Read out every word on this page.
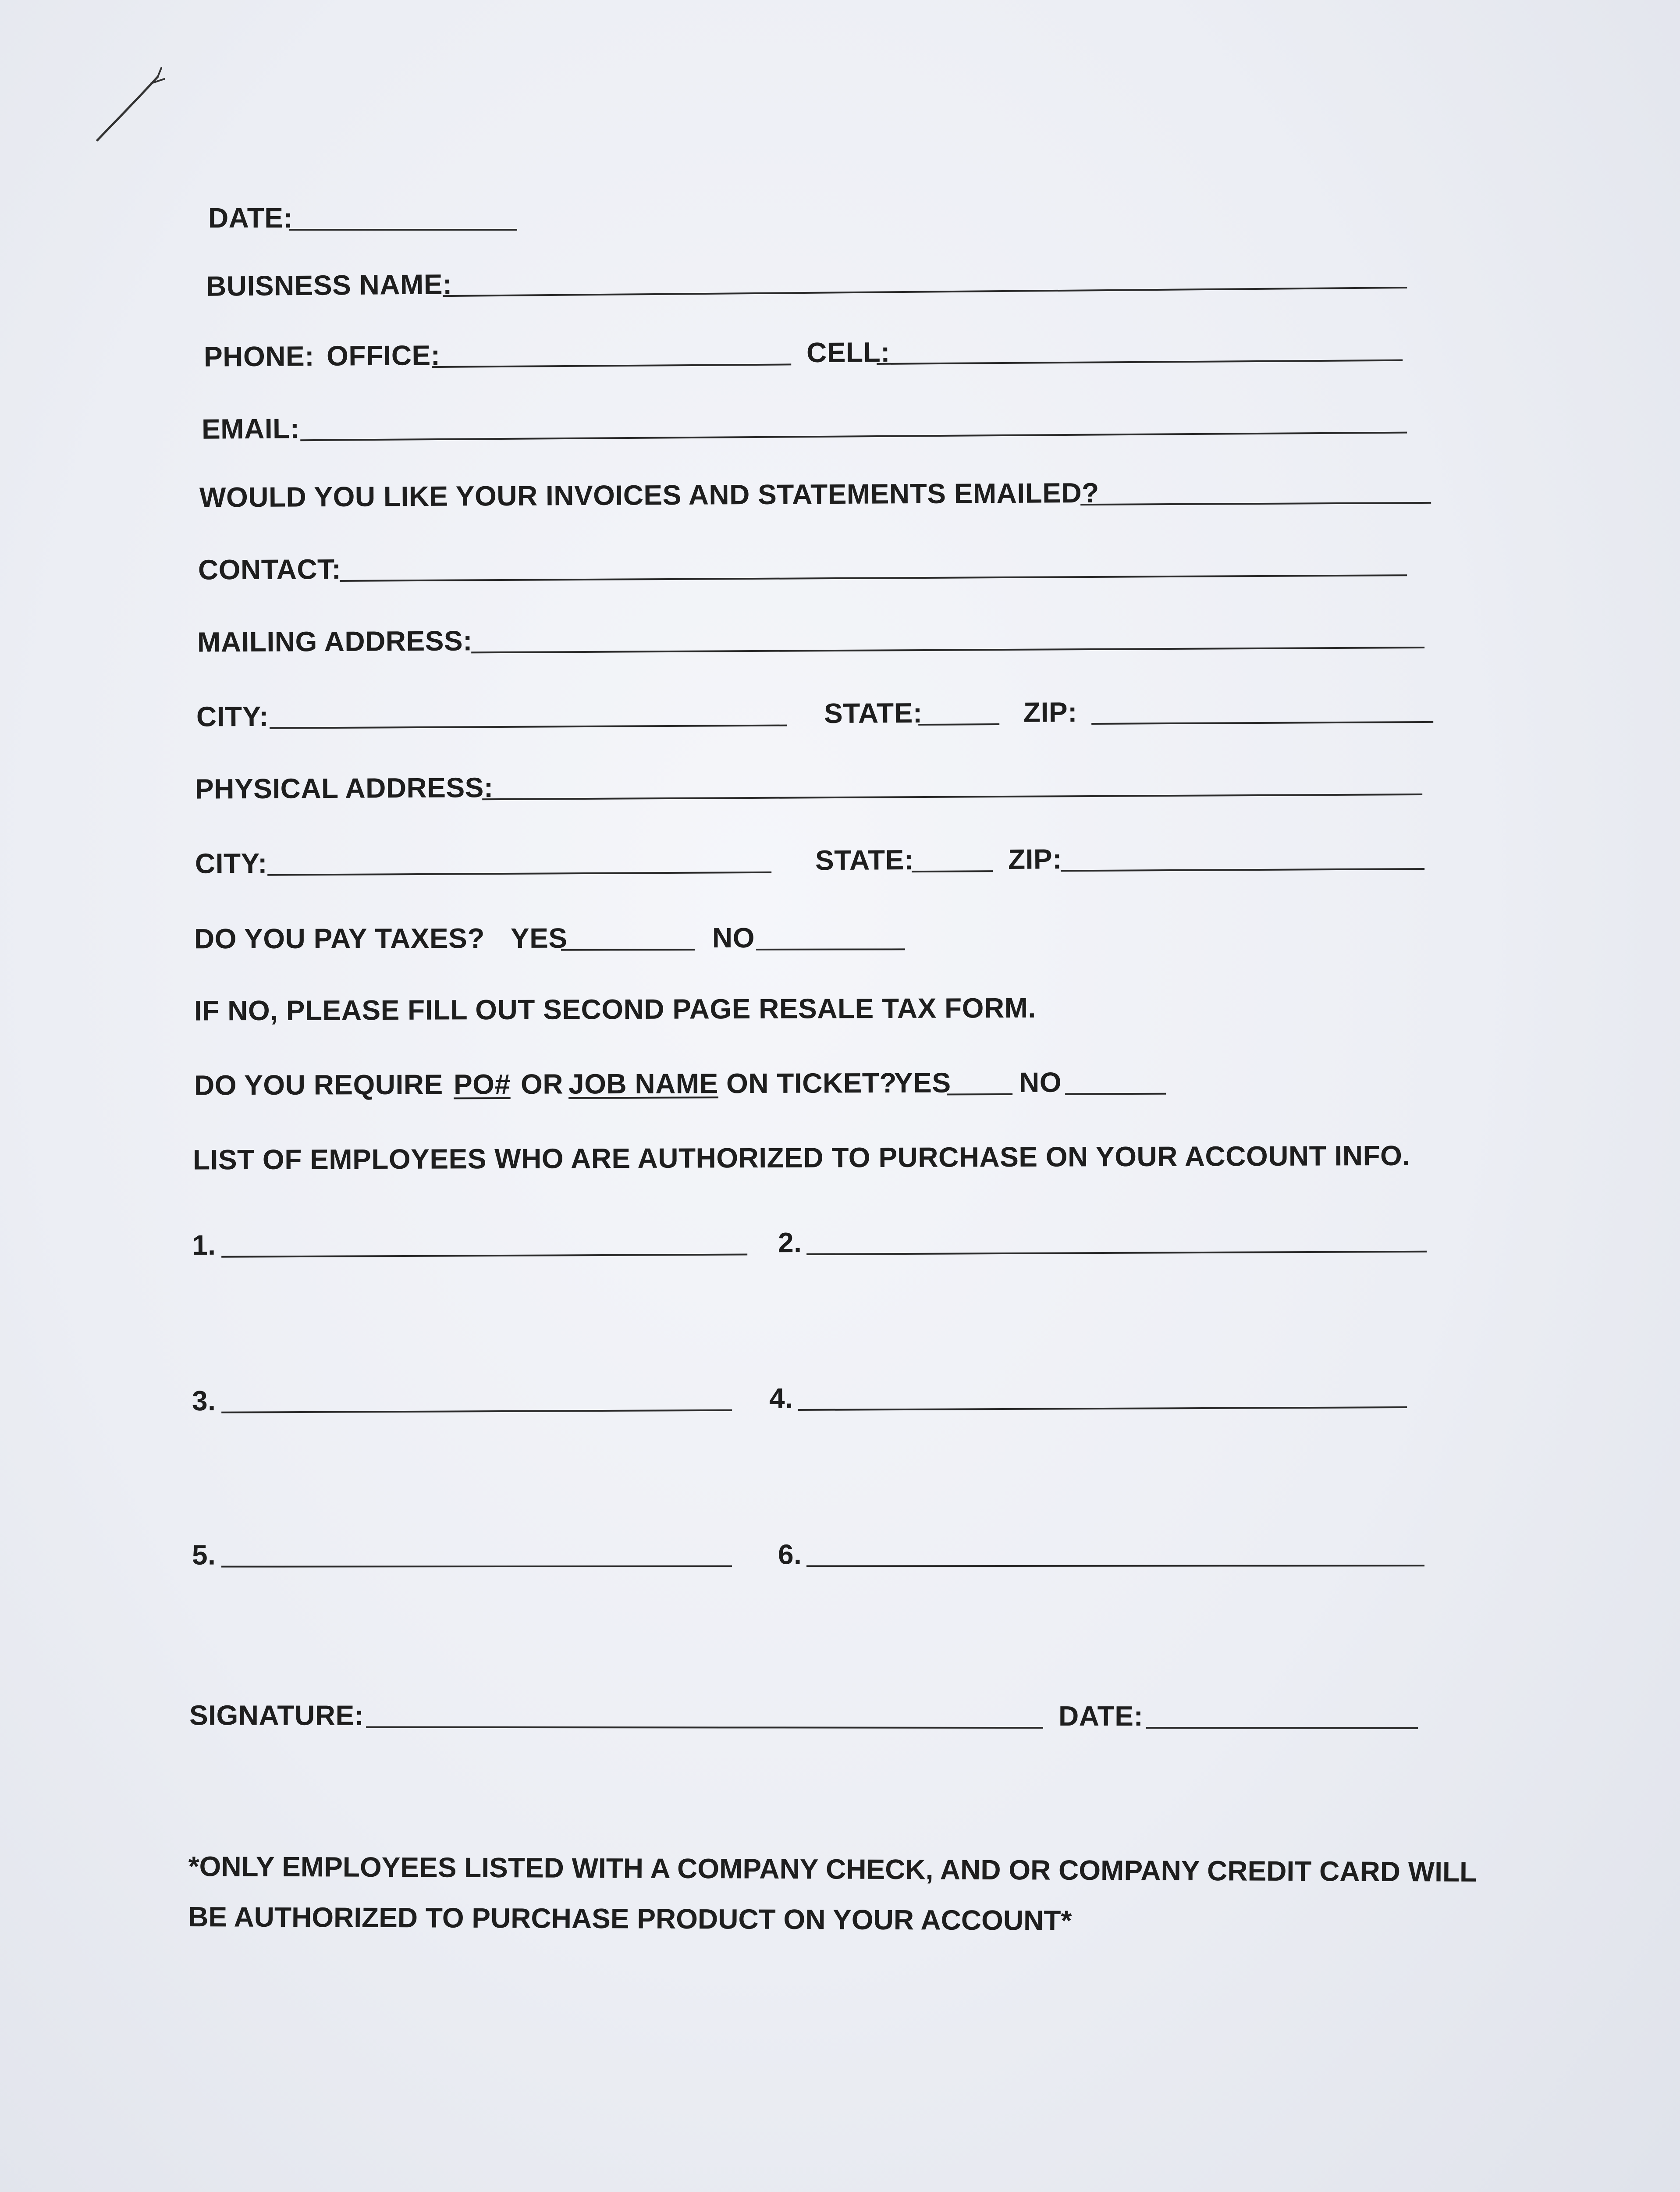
DATE:
BUISNESS NAME:
PHONE: OFFICE:	CELL:
EMAIL:
WOULD YOU LIKE YOUR INVOICES AND STATEMENTS EMAILED?
CONTACT:
MAILING ADDRESS:
CITY:	STATE:	ZIP:
PHYSICAL ADDRESS:
CITY:	STATE:	ZIP:
DO YOU PAY TAXES? YES	NO
IF NO, PLEASE FILL OUT SECOND PAGE RESALE TAX FORM.
DO YOU REQUIRE PO# OR JOB NAME ON TICKET?
YES NO
LIST OF EMPLOYEES WHO ARE AUTHORIZED TO PURCHASE ON YOUR ACCOUNT INFO.
1.	2.
3.	4.
5.	6.
SIGNATURE:	DATE:
*ONLY EMPLOYEES LISTED WITH A COMPANY CHECK, AND OR COMPANY CREDIT CARD WILL
BE AUTHORIZED TO PURCHASE PRODUCT ON YOUR ACCOUNT*
